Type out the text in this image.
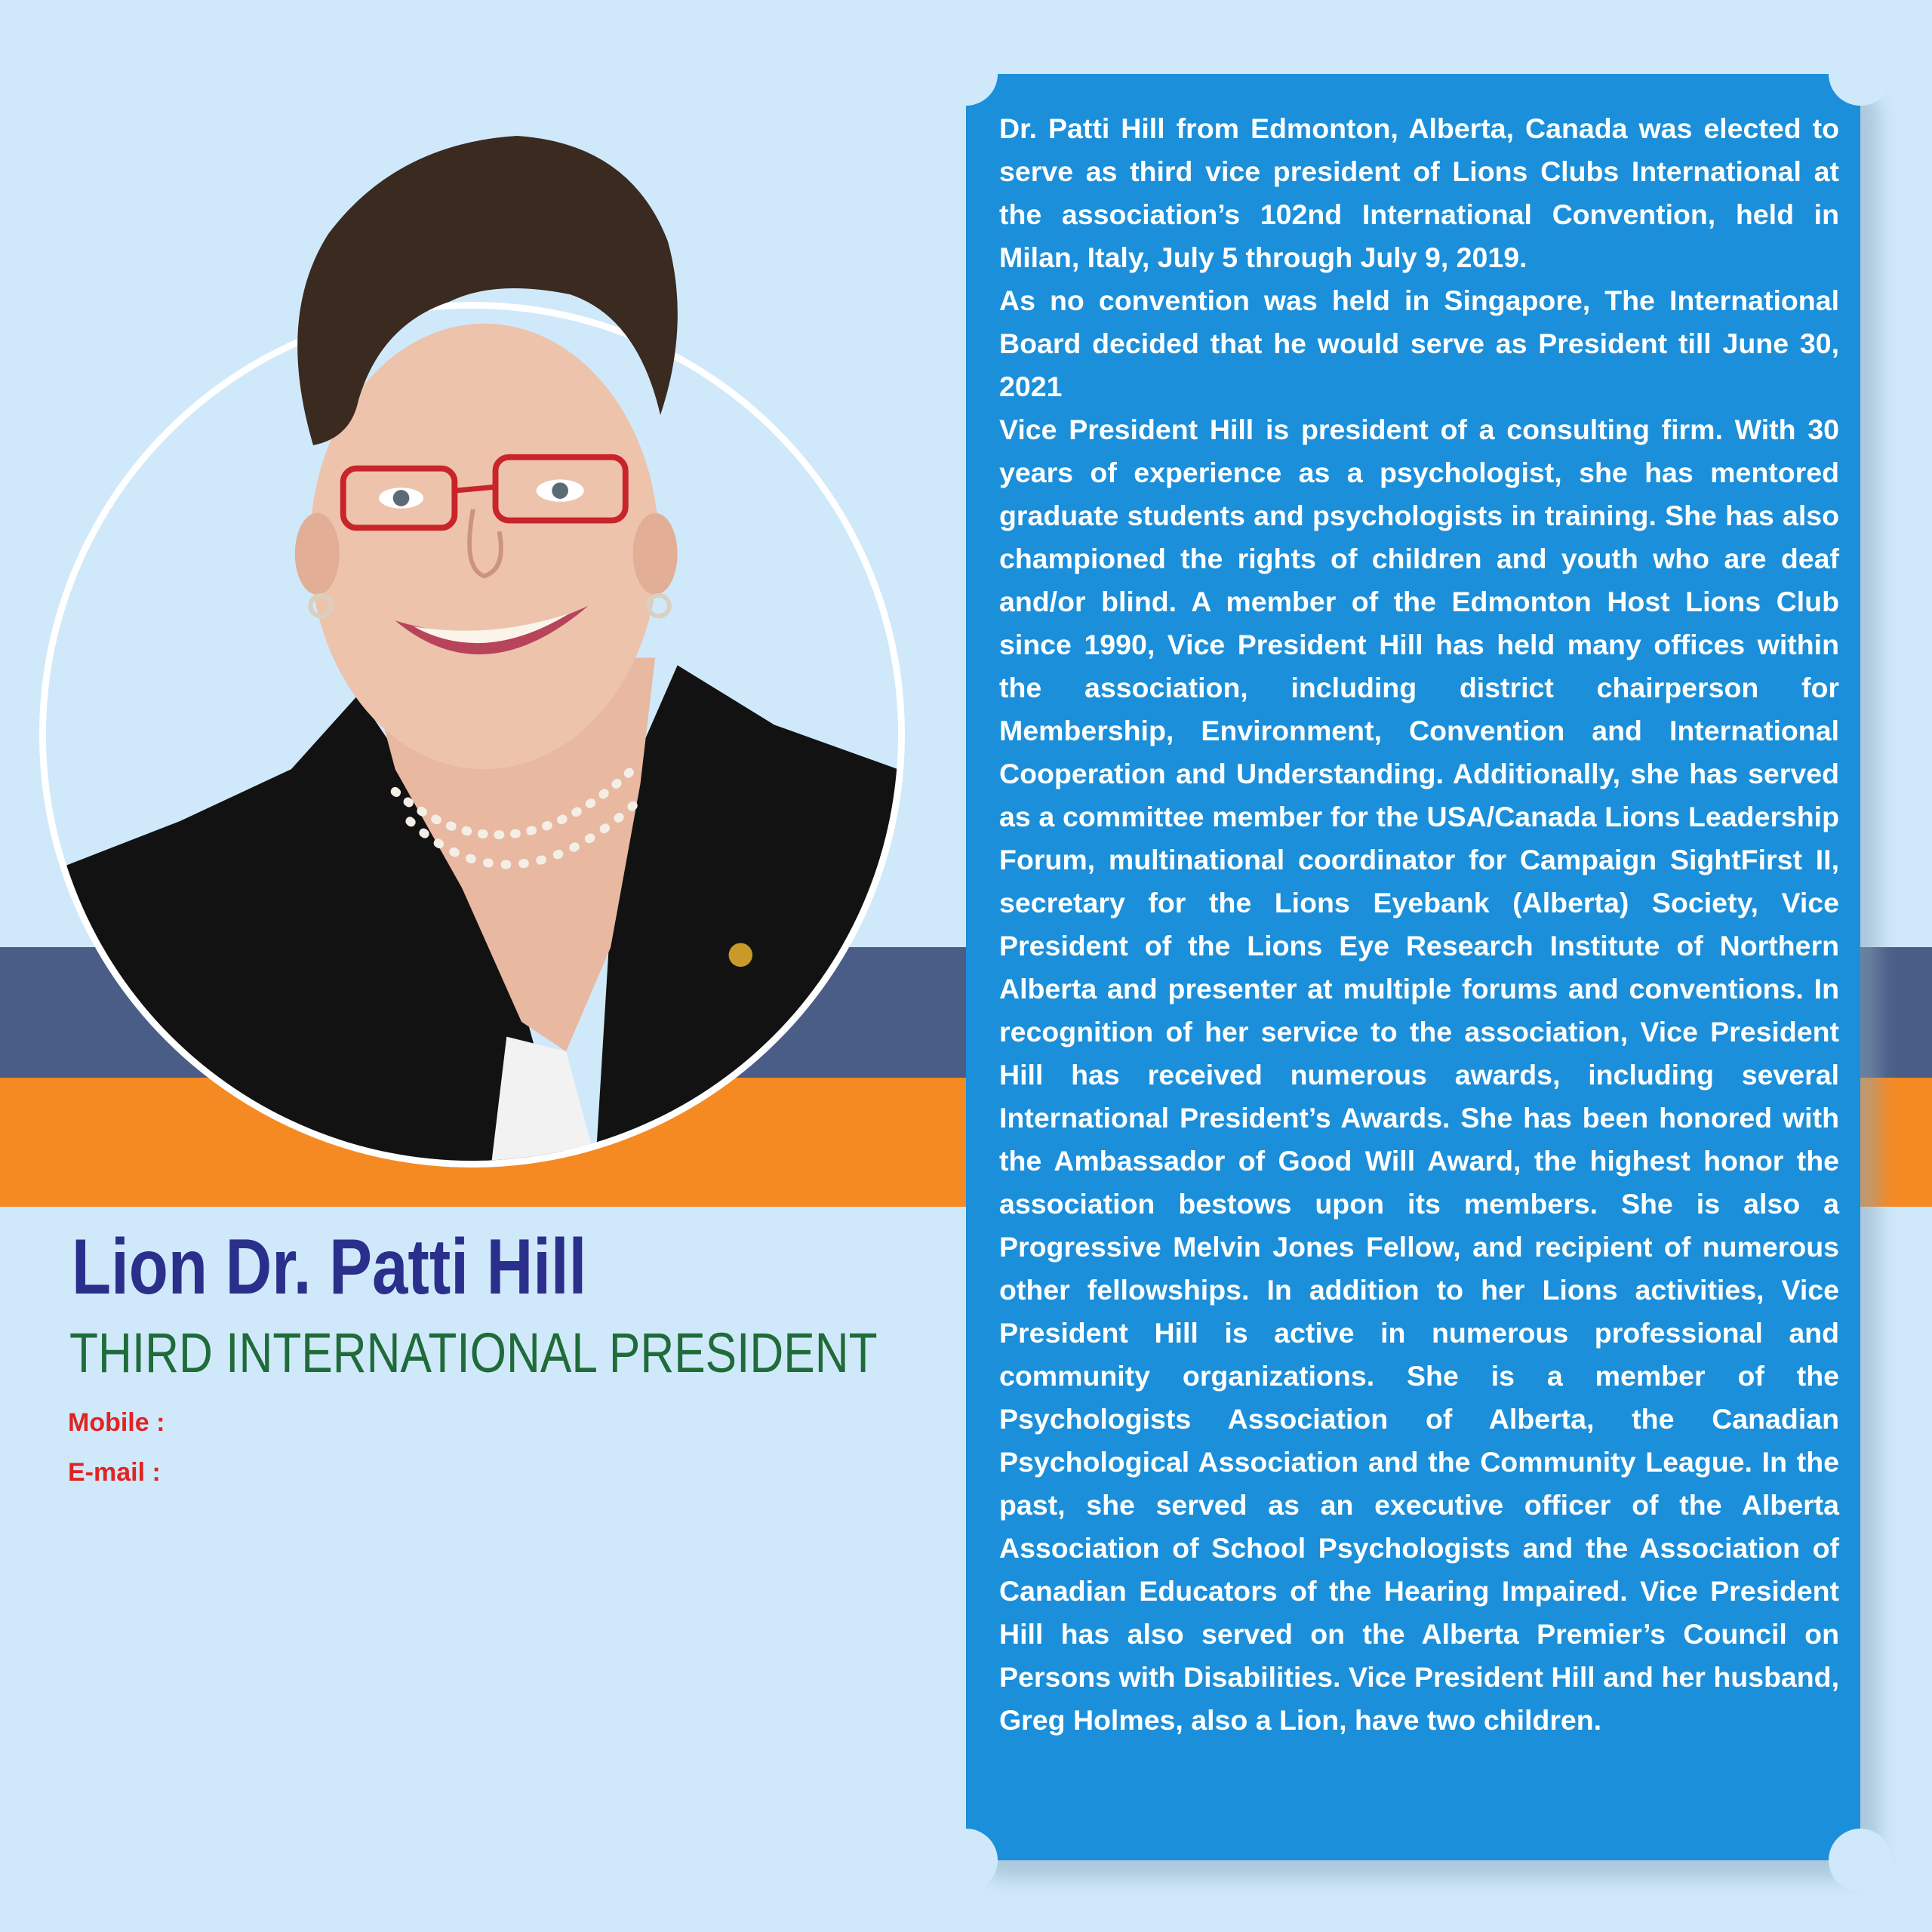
Lion Dr. Patti Hill
THIRD INTERNATIONAL PRESIDENT
Mobile :
E-mail :

Dr. Patti Hill from Edmonton, Alberta, Canada was elected to serve as third vice president of Lions Clubs International at the association’s 102nd International Convention, held in Milan, Italy, July 5 through July 9, 2019.

As no convention was held in Singapore, The International Board decided that he would serve as President till June 30, 2021

Vice President Hill is president of a consulting firm. With 30 years of experience as a psychologist, she has mentored graduate students and psychologists in training. She has also championed the rights of children and youth who are deaf and/or blind. A member of the Edmonton Host Lions Club since 1990, Vice President Hill has held many offices within the association, including district chairperson for Membership, Environment, Convention and International Cooperation and Understanding. Additionally, she has served as a committee member for the USA/Canada Lions Leadership Forum, multinational coordinator for Campaign SightFirst II, secretary for the Lions Eyebank (Alberta) Society, Vice President of the Lions Eye Research Institute of Northern Alberta and presenter at multiple forums and conventions. In recognition of her service to the association, Vice President Hill has received numerous awards, including several International President’s Awards. She has been honored with the Ambassador of Good Will Award, the highest honor the association bestows upon its members. She is also a Progressive Melvin Jones Fellow, and recipient of numerous other fellowships. In addition to her Lions activities, Vice President Hill is active in numerous professional and community organizations. She is a member of the Psychologists Association of Alberta, the Canadian Psychological Association and the Community League. In the past, she served as an executive officer of the Alberta Association of School Psychologists and the Association of Canadian Educators of the Hearing Impaired. Vice President Hill has also served on the Alberta Premier’s Council on Persons with Disabilities. Vice President Hill and her husband, Greg Holmes, also a Lion, have two children.
